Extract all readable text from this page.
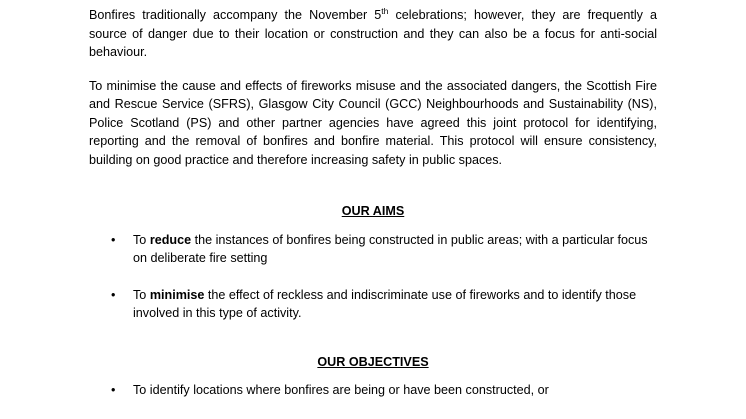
Bonfires traditionally accompany the November 5th celebrations; however, they are frequently a source of danger due to their location or construction and they can also be a focus for anti-social behaviour.

To minimise the cause and effects of fireworks misuse and the associated dangers, the Scottish Fire and Rescue Service (SFRS), Glasgow City Council (GCC) Neighbourhoods and Sustainability (NS), Police Scotland (PS) and other partner agencies have agreed this joint protocol for identifying, reporting and the removal of bonfires and bonfire material. This protocol will ensure consistency, building on good practice and therefore increasing safety in public spaces.

OUR AIMS
• To reduce the instances of bonfires being constructed in public areas; with a particular focus on deliberate fire setting
• To minimise the effect of reckless and indiscriminate use of fireworks and to identify those involved in this type of activity.
OUR OBJECTIVES
• To identify locations where bonfires are being or have been constructed, or
